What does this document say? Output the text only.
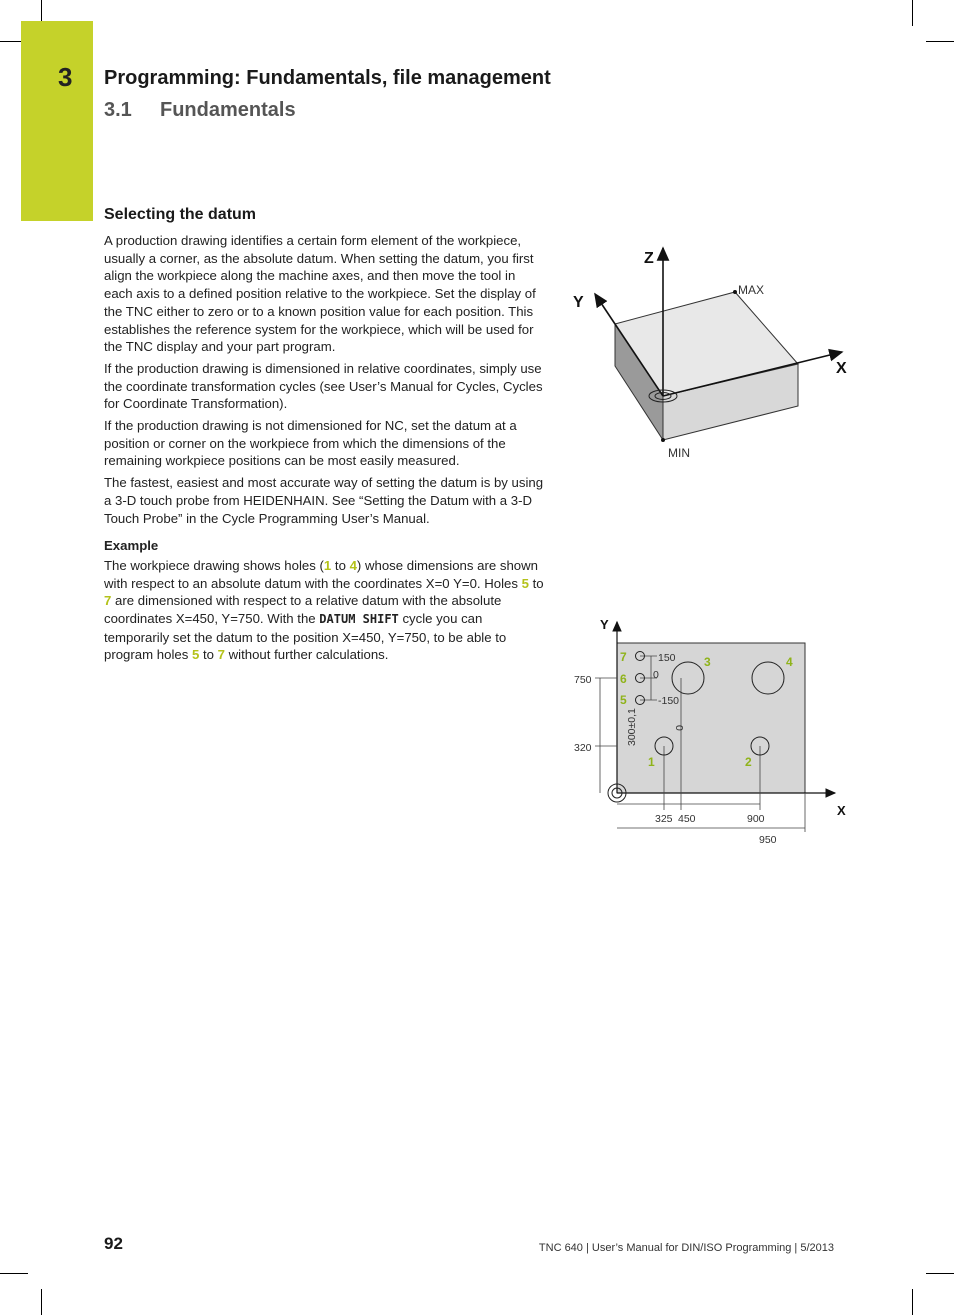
3 Programming: Fundamentals, file management
3.1 Fundamentals
Selecting the datum

A production drawing identifies a certain form element of the workpiece, usually a corner, as the absolute datum. When setting the datum, you first align the workpiece along the machine axes, and then move the tool in each axis to a defined position relative to the workpiece. Set the display of the TNC either to zero or to a known position value for each position. This establishes the reference system for the workpiece, which will be used for the TNC display and your part program.

If the production drawing is dimensioned in relative coordinates, simply use the coordinate transformation cycles (see User’s Manual for Cycles, Cycles for Coordinate Transformation).

If the production drawing is not dimensioned for NC, set the datum at a position or corner on the workpiece from which the dimensions of the remaining workpiece positions can be most easily measured.

The fastest, easiest and most accurate way of setting the datum is by using a 3-D touch probe from HEIDENHAIN. See “Setting the Datum with a 3-D Touch Probe” in the Cycle Programming User’s Manual.

Example

The workpiece drawing shows holes (1 to 4) whose dimensions are shown with respect to an absolute datum with the coordinates X=0 Y=0. Holes 5 to 7 are dimensioned with respect to a relative datum with the absolute coordinates X=450, Y=750. With the DATUM SHIFT cycle you can temporarily set the datum to the position X=450, Y=750, to be able to program holes 5 to 7 without further calculations.

Z
Y
X
MAX
MIN
Y
X
750
320
325 450	900
950
150
0
-150
300±0,1	0
1	2
3	4
5
6
7
92	TNC 640 | User’s Manual for DIN/ISO Programming | 5/2013
